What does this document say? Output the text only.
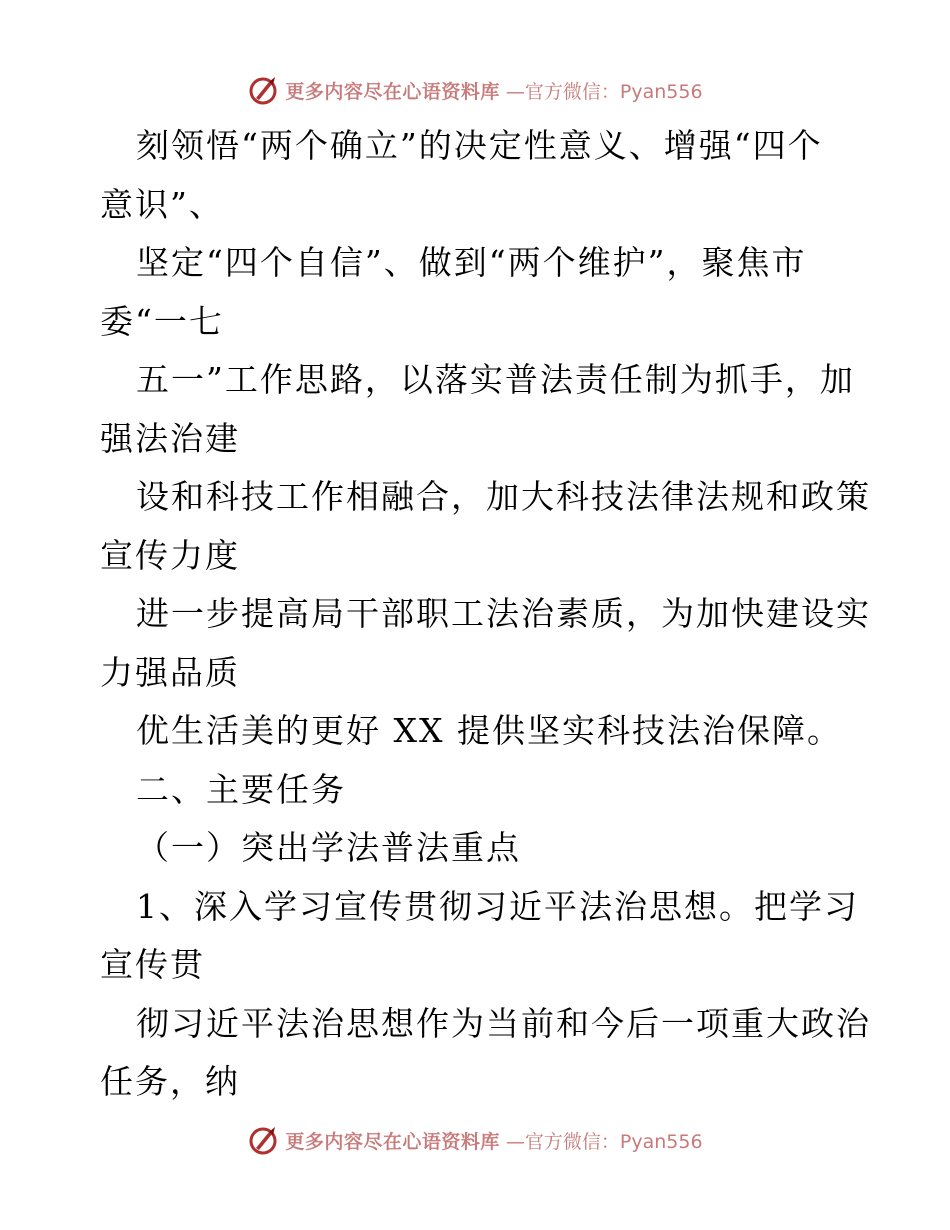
更多内容尽在心语资料库 —官方微信：Pyan556
刻领悟“两个确立”的决定性意义、增强“四个
意识”、
坚定“四个自信”、做到“两个维护”，聚焦市
委“一七
五一”工作思路，以落实普法责任制为抓手，加
强法治建
设和科技工作相融合，加大科技法律法规和政策
宣传力度
进一步提高局干部职工法治素质，为加快建设实
力强品质
优生活美的更好 XX 提供坚实科技法治保障。
二、主要任务
（一）突出学法普法重点
1、深入学习宣传贯彻习近平法治思想。把学习
宣传贯
彻习近平法治思想作为当前和今后一项重大政治
任务，纳
更多内容尽在心语资料库 —官方微信：Pyan556
